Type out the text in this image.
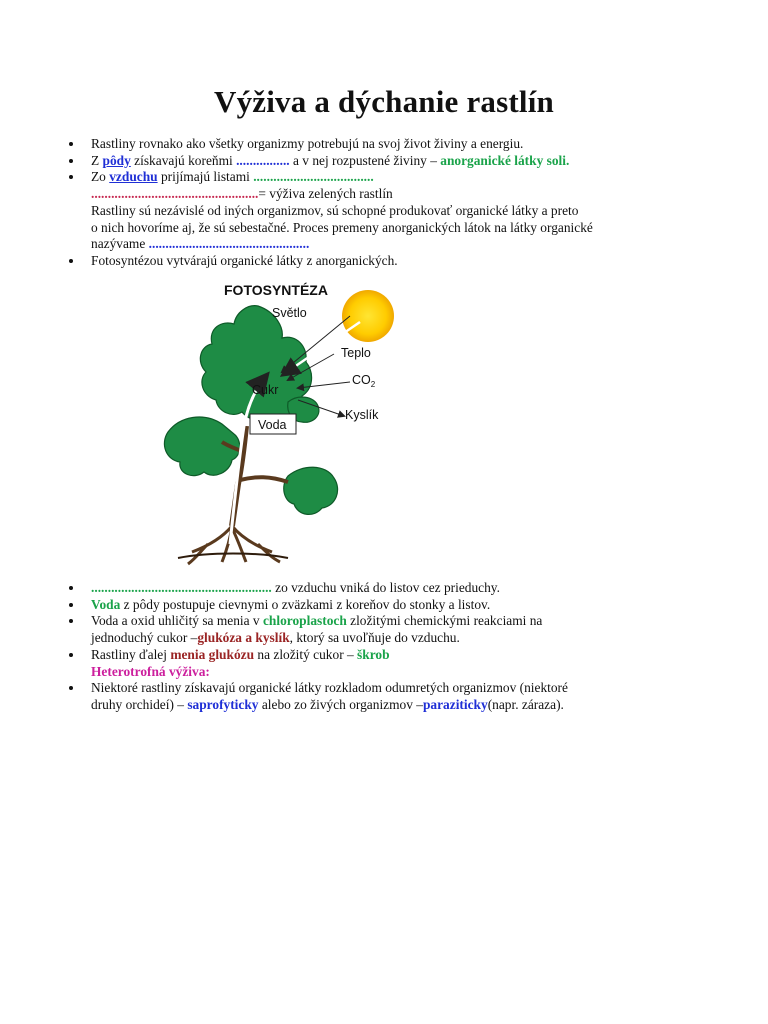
Výživa a dýchanie rastlín

Rastliny rovnako ako všetky organizmy potrebujú na svoj život živiny a energiu.

Z pôdy získavajú koreňmi ................ a v nej rozpustené živiny – anorganické látky soli.

Zo vzduchu prijímajú listami ....................................

..................................................= výživa zelených rastlín

Rastliny sú nezávislé od iných organizmov, sú schopné produkovať organické látky a preto

o nich hovoríme aj, že sú sebestačné. Proces premeny anorganických látok na látky organické

nazývame ................................................

Fotosyntézou vytvárajú organické látky z anorganických.

FOTOSYNTÉZA
Světlo
Teplo
$CO_2$
Cukr
Kyslík
Voda

...................................................... zo vzduchu vniká do listov cez prieduchy.

Voda z pôdy postupuje cievnymi o zväzkami z koreňov do stonky a listov.

Voda a oxid uhličitý sa menia v chloroplastoch zložitými chemickými reakciami na

jednoduchý cukor –glukóza a kyslík, ktorý sa uvoľňuje do vzduchu.

Rastliny ďalej menia glukózu na zložitý cukor – škrob

Heterotrofná výživa:

Niektoré rastliny získavajú organické látky rozkladom odumretých organizmov (niektoré

druhy orchideí) – saprofyticky alebo zo živých organizmov –paraziticky(napr. záraza).
